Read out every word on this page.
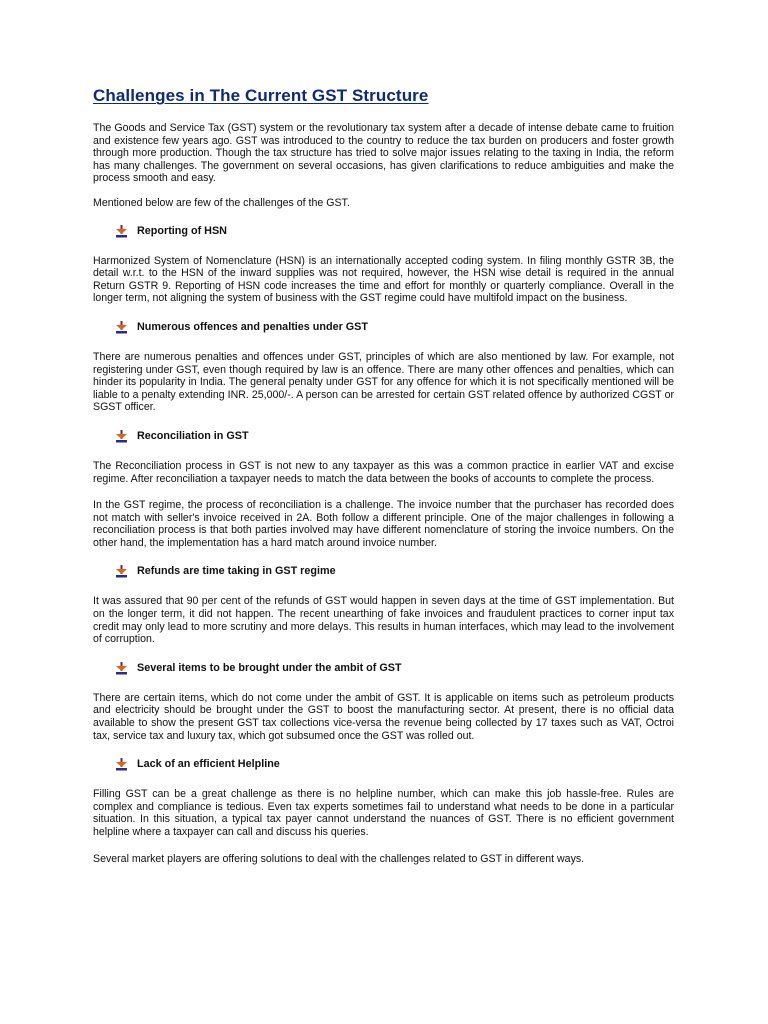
Challenges in The Current GST Structure

The Goods and Service Tax (GST) system or the revolutionary tax system after a decade of intense debate came to fruition and existence few years ago. GST was introduced to the country to reduce the tax burden on producers and foster growth through more production. Though the tax structure has tried to solve major issues relating to the taxing in India, the reform has many challenges. The government on several occasions, has given clarifications to reduce ambiguities and make the process smooth and easy.

Mentioned below are few of the challenges of the GST.

Reporting of HSN

Harmonized System of Nomenclature (HSN) is an internationally accepted coding system. In filing monthly GSTR 3B, the detail w.r.t. to the HSN of the inward supplies was not required, however, the HSN wise detail is required in the annual Return GSTR 9. Reporting of HSN code increases the time and effort for monthly or quarterly compliance. Overall in the longer term, not aligning the system of business with the GST regime could have multifold impact on the business.

Numerous offences and penalties under GST

There are numerous penalties and offences under GST, principles of which are also mentioned by law. For example, not registering under GST, even though required by law is an offence. There are many other offences and penalties, which can hinder its popularity in India. The general penalty under GST for any offence for which it is not specifically mentioned will be liable to a penalty extending INR. 25,000/-. A person can be arrested for certain GST related offence by authorized CGST or SGST officer.

Reconciliation in GST

The Reconciliation process in GST is not new to any taxpayer as this was a common practice in earlier VAT and excise regime. After reconciliation a taxpayer needs to match the data between the books of accounts to complete the process.

In the GST regime, the process of reconciliation is a challenge. The invoice number that the purchaser has recorded does not match with seller's invoice received in 2A. Both follow a different principle. One of the major challenges in following a reconciliation process is that both parties involved may have different nomenclature of storing the invoice numbers. On the other hand, the implementation has a hard match around invoice number.

Refunds are time taking in GST regime

It was assured that 90 per cent of the refunds of GST would happen in seven days at the time of GST implementation. But on the longer term, it did not happen. The recent unearthing of fake invoices and fraudulent practices to corner input tax credit may only lead to more scrutiny and more delays. This results in human interfaces, which may lead to the involvement of corruption.

Several items to be brought under the ambit of GST

There are certain items, which do not come under the ambit of GST. It is applicable on items such as petroleum products and electricity should be brought under the GST to boost the manufacturing sector. At present, there is no official data available to show the present GST tax collections vice-versa the revenue being collected by 17 taxes such as VAT, Octroi tax, service tax and luxury tax, which got subsumed once the GST was rolled out.

Lack of an efficient Helpline

Filling GST can be a great challenge as there is no helpline number, which can make this job hassle-free. Rules are complex and compliance is tedious. Even tax experts sometimes fail to understand what needs to be done in a particular situation. In this situation, a typical tax payer cannot understand the nuances of GST. There is no efficient government helpline where a taxpayer can call and discuss his queries.

Several market players are offering solutions to deal with the challenges related to GST in different ways.
